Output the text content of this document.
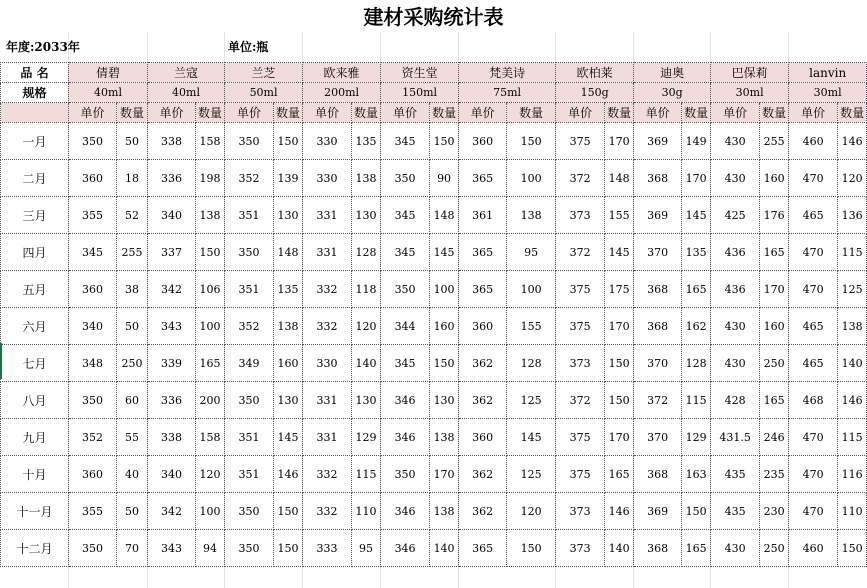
建材采购统计表
年度:2033年	单位:瓶
品 名	倩碧		兰寇		兰芝		欧来雅		资生堂		梵美诗		欧柏莱		迪奥		巴保莉		lanvin	
规格	40ml		40ml		50ml		200ml		150ml		75ml		150g		30g		30ml		30ml	
	单价	数量	单价	数量	单价	数量	单价	数量	单价	数量	单价	数量	单价	数量	单价	数量	单价	数量	单价	数量
一月	350	50	338	158	350	150	330	135	345	150	360	150	375	170	369	149	430	255	460	146
二月	360	18	336	198	352	139	330	138	350	90	365	100	372	148	368	170	430	160	470	120
三月	355	52	340	138	351	130	331	130	345	148	361	138	373	155	369	145	425	176	465	136
四月	345	255	337	150	350	148	331	128	345	145	365	95	372	145	370	135	436	165	470	115
五月	360	38	342	106	351	135	332	118	350	100	365	100	375	175	368	165	436	170	470	125
六月	340	50	343	100	352	138	332	120	344	160	360	155	375	170	368	162	430	160	465	138
七月	348	250	339	165	349	160	330	140	345	150	362	128	373	150	370	128	430	250	465	140
八月	350	60	336	200	350	130	331	130	346	130	362	125	372	150	372	115	428	165	468	146
九月	352	55	338	158	351	145	331	129	346	138	360	145	375	170	370	129	431.5	246	470	115
十月	360	40	340	120	351	146	332	115	350	170	362	125	375	165	368	163	435	235	470	116
十一月	355	50	342	100	350	150	332	110	346	138	362	120	373	146	369	150	435	230	470	110
十二月	350	70	343	94	350	150	333	95	346	140	365	150	373	140	368	165	430	250	460	150
